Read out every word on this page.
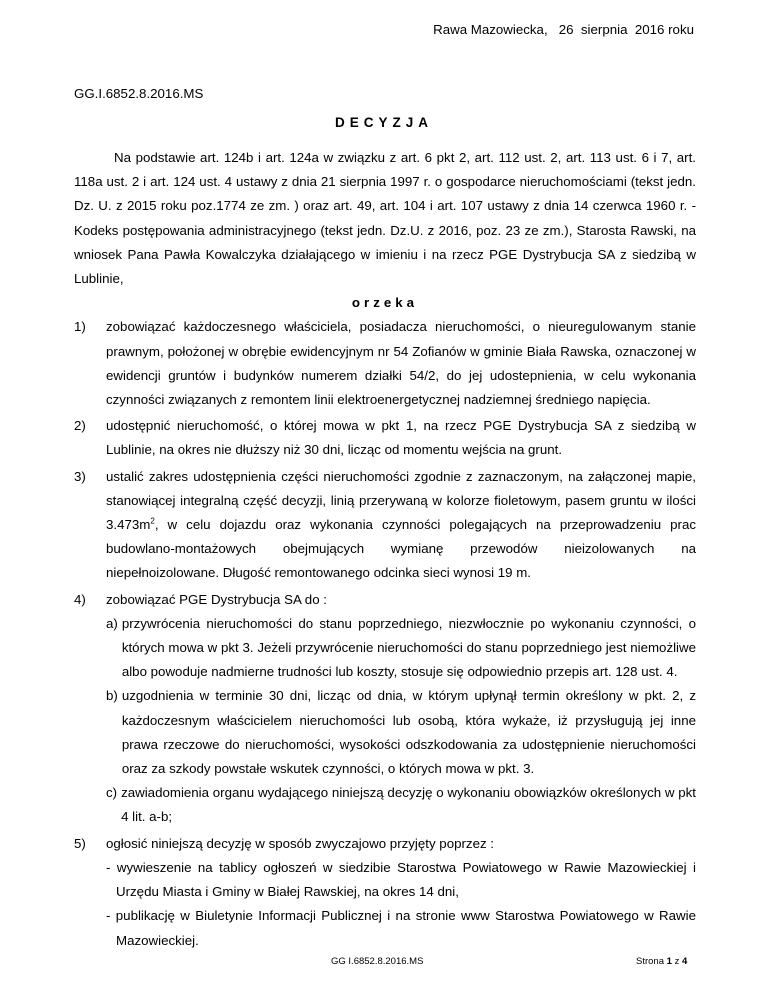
Rawa Mazowiecka,   26  sierpnia  2016 roku
GG.I.6852.8.2016.MS
DECYZJA

Na podstawie art. 124b i art. 124a w związku z art. 6 pkt 2, art. 112 ust. 2, art. 113 ust. 6 i 7, art. 118a ust. 2 i art. 124 ust. 4 ustawy z dnia 21 sierpnia 1997 r. o gospodarce nieruchomościami (tekst jedn. Dz. U. z 2015 roku poz.1774 ze zm. ) oraz art. 49, art. 104 i art. 107 ustawy z dnia 14 czerwca 1960 r. - Kodeks postępowania administracyjnego (tekst jedn. Dz.U. z 2016, poz. 23 ze zm.), Starosta Rawski, na wniosek Pana Pawła Kowalczyka działającego w imieniu i na rzecz PGE Dystrybucja SA z siedzibą w Lublinie,

orzeka

1)	zobowiązać każdoczesnego właściciela, posiadacza nieruchomości, o nieuregulowanym stanie prawnym, położonej w obrębie ewidencyjnym nr 54 Zofianów w gminie Biała Rawska, oznaczonej w ewidencji gruntów i budynków numerem działki 54/2, do jej udostepnienia, w celu wykonania czynności związanych z remontem linii elektroenergetycznej nadziemnej średniego napięcia.
2)	udostępnić nieruchomość, o której mowa w pkt 1, na rzecz PGE Dystrybucja SA z siedzibą w Lublinie, na okres nie dłuższy niż 30 dni, licząc od momentu wejścia na grunt.
3)	ustalić zakres udostępnienia części nieruchomości zgodnie z zaznaczonym, na załączonej mapie, stanowiącej integralną część decyzji, linią przerywaną w kolorze fioletowym, pasem gruntu w ilości $3.473m^2$, w celu dojazdu oraz wykonania czynności polegających na przeprowadzeniu prac budowlano-montażowych obejmujących wymianę przewodów nieizolowanych na niepełnoizolowane. Długość remontowanego odcinka sieci wynosi 19 m.
4)	zobowiązać PGE Dystrybucja SA do :
a) przywrócenia nieruchomości do stanu poprzedniego, niezwłocznie po wykonaniu czynności, o których mowa w pkt 3. Jeżeli przywrócenie nieruchomości do stanu poprzedniego jest niemożliwe albo powoduje nadmierne trudności lub koszty, stosuje się odpowiednio przepis art. 128 ust. 4.
b) uzgodnienia w terminie 30 dni, licząc od dnia, w którym upłynął termin określony w pkt. 2, z każdoczesnym właścicielem nieruchomości lub osobą, która wykaże, iż przysługują jej inne prawa rzeczowe do nieruchomości, wysokości odszkodowania za udostępnienie nieruchomości oraz za szkody powstałe wskutek czynności, o których mowa w pkt. 3.
c) zawiadomienia organu wydającego niniejszą decyzję o wykonaniu obowiązków określonych w pkt 4 lit. a-b;
5)	ogłosić niniejszą decyzję w sposób zwyczajowo przyjęty poprzez :

- wywieszenie na tablicy ogłoszeń w siedzibie Starostwa Powiatowego w Rawie Mazowieckiej i Urzędu Miasta i Gminy w Białej Rawskiej, na okres 14 dni,

- publikację w Biuletynie Informacji Publicznej i na stronie www Starostwa Powiatowego w Rawie Mazowieckiej.

GG I.6852.8.2016.MS	Strona 1 z 4
